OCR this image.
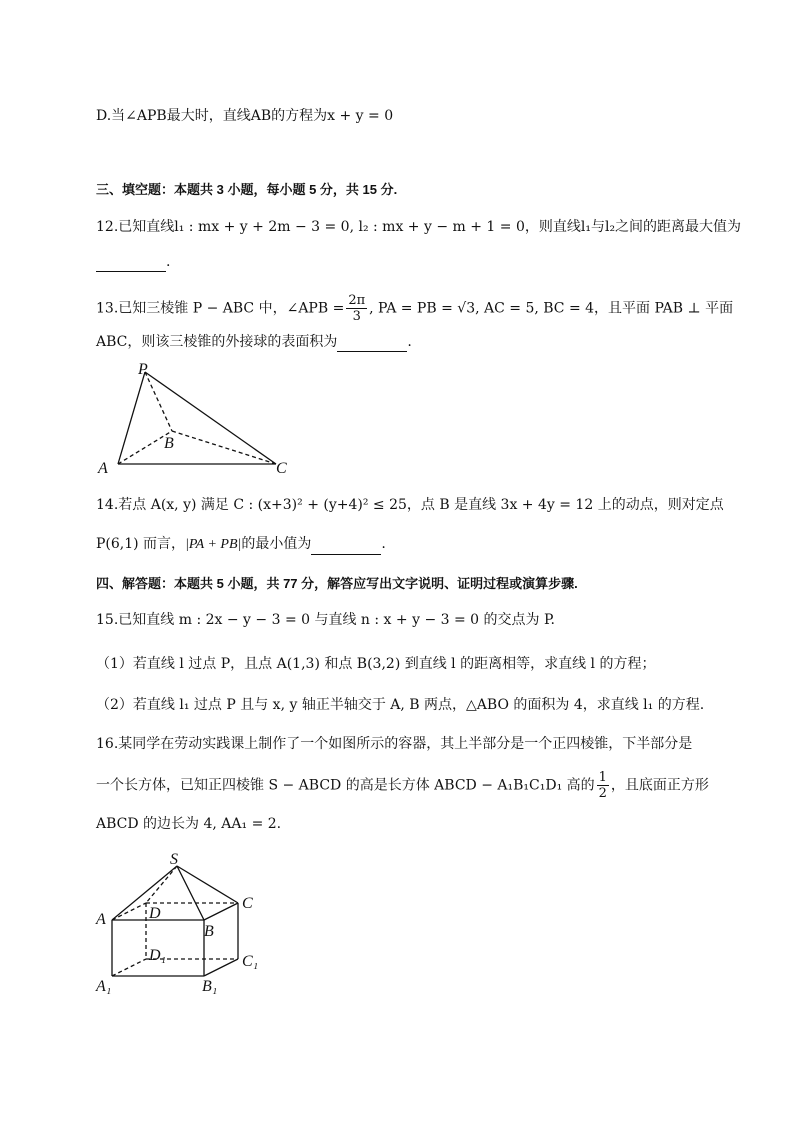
D.当∠APB最大时，直线AB的方程为x + y = 0
三、填空题：本题共 3 小题，每小题 5 分，共 15 分.
12.已知直线l₁ : mx + y + 2m − 3 = 0, l₂ : mx + y − m + 1 = 0，则直线l₁与l₂之间的距离最大值为
.
13.已知三棱锥 P − ABC 中，∠APB = $\frac{2\pi}{3}$ , PA = PB = √3, AC = 5, BC = 4，且平面 PAB ⊥ 平面
ABC，则该三棱锥的外接球的表面积为	.
P
A
B
C
14.若点 A(x, y) 满足 C : (x+3)² + (y+4)² ≤ 25，点 B 是直线 3x + 4y = 12 上的动点，则对定点
P(6,1) 而言，|PA + PB|的最小值为	.
四、解答题：本题共 5 小题，共 77 分，解答应写出文字说明、证明过程或演算步骤.
15.已知直线 m : 2x − y − 3 = 0 与直线 n : x + y − 3 = 0 的交点为 P.
（1）若直线 l 过点 P，且点 A(1,3) 和点 B(3,2) 到直线 l 的距离相等，求直线 l 的方程；
（2）若直线 l₁ 过点 P 且与 x, y 轴正半轴交于 A, B 两点，△ABO 的面积为 4，求直线 l₁ 的方程.
16.某同学在劳动实践课上制作了一个如图所示的容器，其上半部分是一个正四棱锥，下半部分是
一个长方体，已知正四棱锥 S − ABCD 的高是长方体 ABCD − A₁B₁C₁D₁ 高的 $\frac{1}{2}$ ，且底面正方形
ABCD 的边长为 4, AA₁ = 2.
S
A	D
B
C
D₁	C₁
A₁	B₁
